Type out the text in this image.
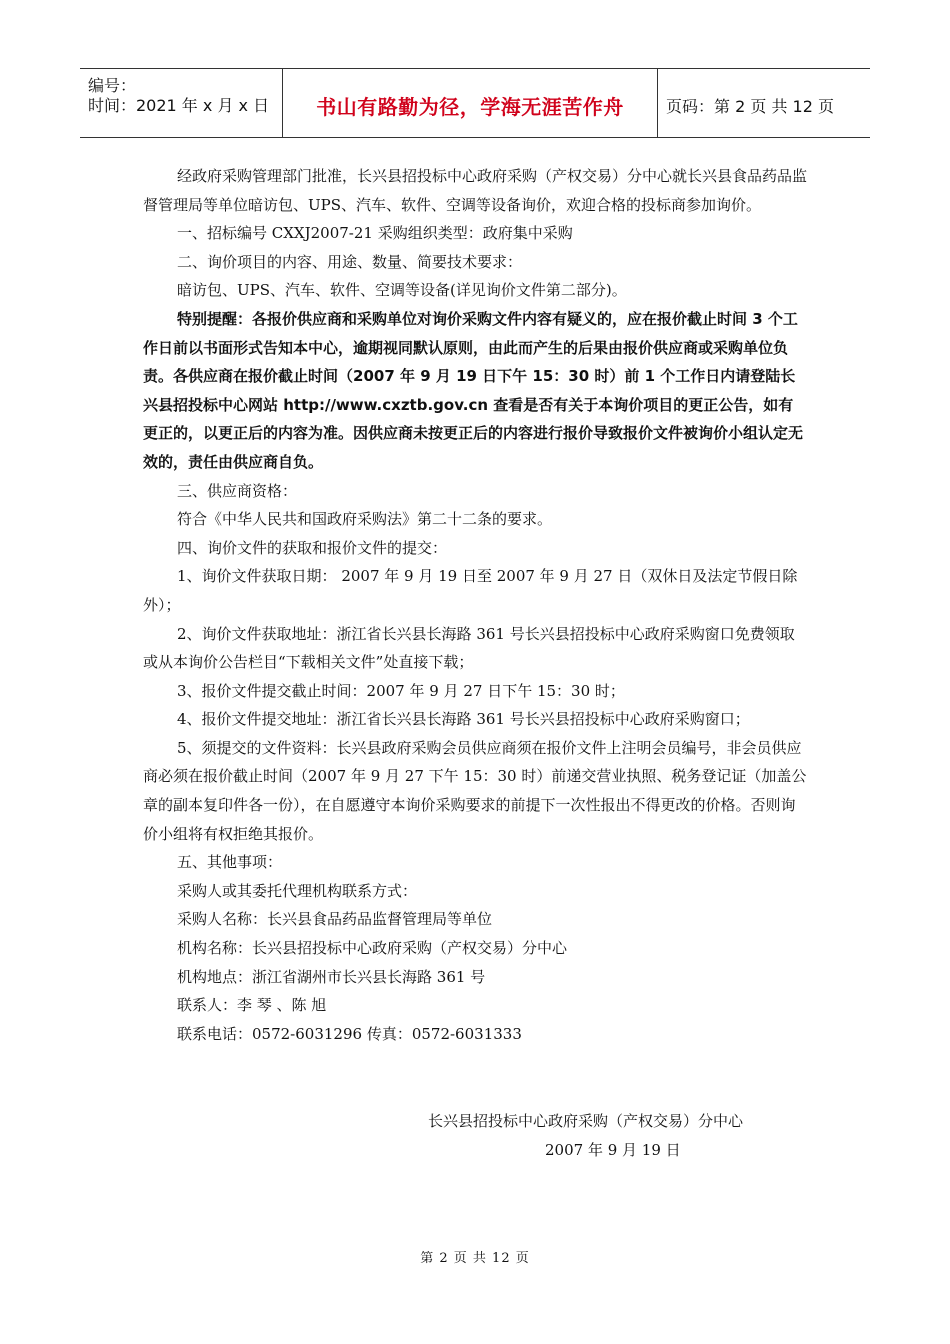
编号：
时间：2021 年 x 月 x 日	书山有路勤为径，学海无涯苦作舟	页码：第 2 页 共 12 页

经政府采购管理部门批准，长兴县招投标中心政府采购（产权交易）分中心就长兴县食品药品监督管理局等单位暗访包、UPS、汽车、软件、空调等设备询价，欢迎合格的投标商参加询价。

一、招标编号 CXXJ2007-21 采购组织类型：政府集中采购

二、询价项目的内容、用途、数量、简要技术要求：

暗访包、UPS、汽车、软件、空调等设备(详见询价文件第二部分)。

特别提醒：各报价供应商和采购单位对询价采购文件内容有疑义的，应在报价截止时间 3 个工作日前以书面形式告知本中心，逾期视同默认原则，由此而产生的后果由报价供应商或采购单位负责。各供应商在报价截止时间（2007 年 9 月 19 日下午 15：30 时）前 1 个工作日内请登陆长兴县招投标中心网站 http://www.cxztb.gov.cn 查看是否有关于本询价项目的更正公告，如有更正的，以更正后的内容为准。因供应商未按更正后的内容进行报价导致报价文件被询价小组认定无效的，责任由供应商自负。

三、供应商资格：

符合《中华人民共和国政府采购法》第二十二条的要求。

四、询价文件的获取和报价文件的提交：

1、询价文件获取日期： 2007 年 9 月 19 日至 2007 年 9 月 27 日（双休日及法定节假日除外）；

2、询价文件获取地址：浙江省长兴县长海路 361 号长兴县招投标中心政府采购窗口免费领取或从本询价公告栏目“下载相关文件”处直接下载；

3、报价文件提交截止时间：2007 年 9 月 27 日下午 15：30 时；

4、报价文件提交地址：浙江省长兴县长海路 361 号长兴县招投标中心政府采购窗口；

5、须提交的文件资料：长兴县政府采购会员供应商须在报价文件上注明会员编号，非会员供应商必须在报价截止时间（2007 年 9 月 27 下午 15：30 时）前递交营业执照、税务登记证（加盖公章的副本复印件各一份），在自愿遵守本询价采购要求的前提下一次性报出不得更改的价格。否则询价小组将有权拒绝其报价。

五、其他事项：

采购人或其委托代理机构联系方式：

采购人名称：长兴县食品药品监督管理局等单位

机构名称：长兴县招投标中心政府采购（产权交易）分中心

机构地点：浙江省湖州市长兴县长海路 361 号

联系人：李 琴 、陈 旭

联系电话：0572-6031296 传真：0572-6031333

长兴县招投标中心政府采购（产权交易）分中心
2007 年 9 月 19 日
第 2 页 共 12 页
